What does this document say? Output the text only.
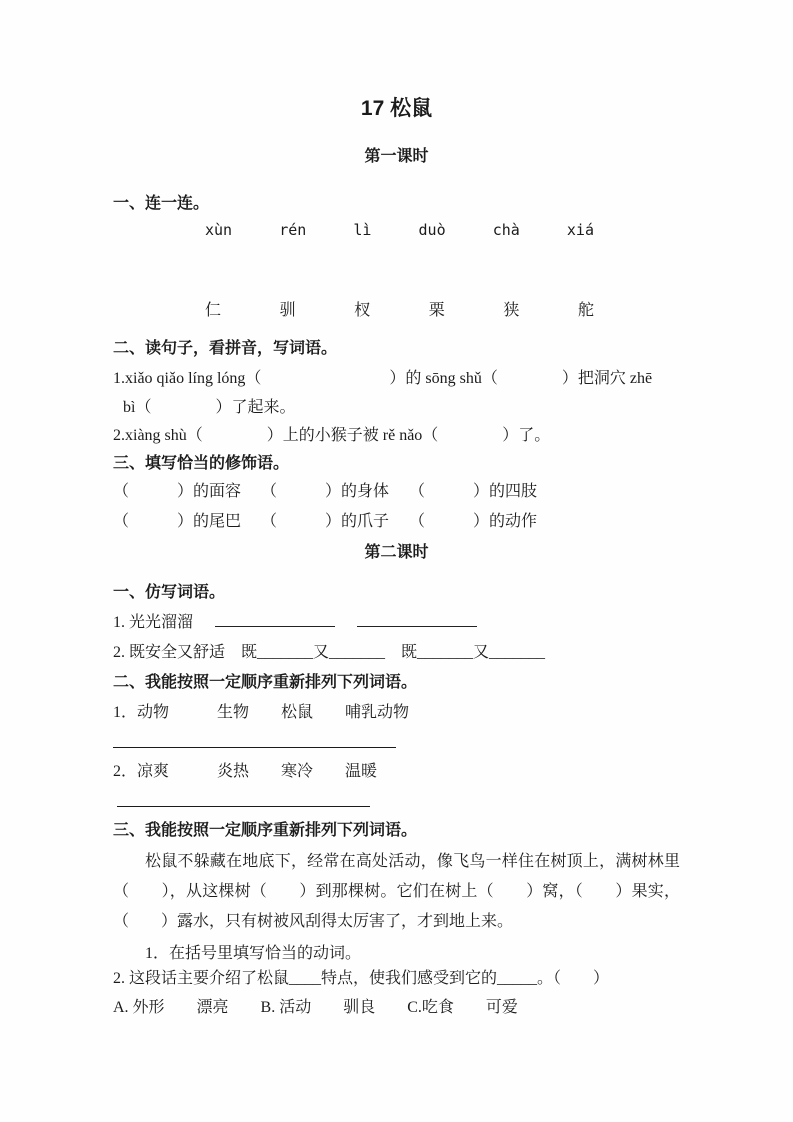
17 松鼠
第一课时
一、连一连。
xùn	rén	lì	duò	chà	xiá
仁	驯	杈	栗	狭	舵
二、读句子，看拼音，写词语。
1.xiǎo qiǎo líng lóng（　　　　　　　　）的 sōng shǔ（　　　　）把洞穴 zhē
bì（　　　　）了起来。
2.xiàng shù（　　　　）上的小猴子被 rě nǎo（　　　　）了。
三、填写恰当的修饰语。
（　　　）的面容 （　　　）的身体 （　　　）的四肢
（　　　）的尾巴 （　　　）的爪子 （　　　）的动作
第二课时
一、仿写词语。
1. 光光溜溜
2. 既安全又舒适　既_______又_______　既_______又_______
二、我能按照一定顺序重新排列下列词语。
1．动物　　　生物　　松鼠　　哺乳动物
2．凉爽　　　炎热　　寒冷　　温暖
三、我能按照一定顺序重新排列下列词语。

松鼠不躲藏在地底下，经常在高处活动，像飞鸟一样住在树顶上，满树林里（　　），从这棵树（　　）到那棵树。它们在树上（　　）窝，（　　）果实，（　　）露水，只有树被风刮得太厉害了，才到地上来。

1．在括号里填写恰当的动词。
2. 这段话主要介绍了松鼠____特点，使我们感受到它的_____。（　　）
A. 外形　　漂亮　　B. 活动　　驯良　　C.吃食　　可爱
